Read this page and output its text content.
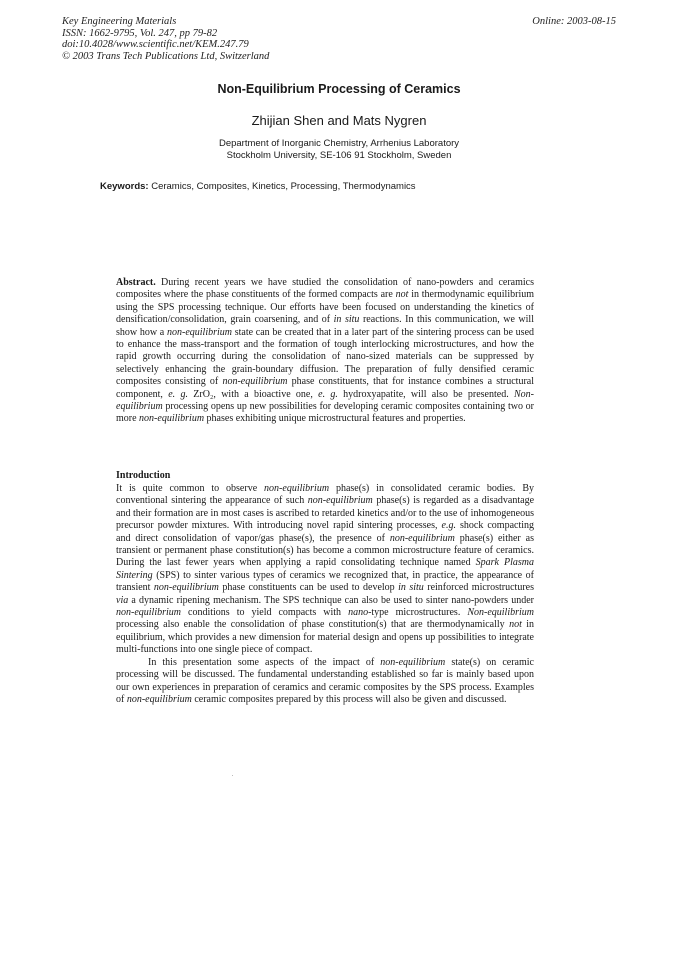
Key Engineering Materials
ISSN: 1662-9795, Vol. 247, pp 79-82
doi:10.4028/www.scientific.net/KEM.247.79
© 2003 Trans Tech Publications Ltd, Switzerland
Online: 2003-08-15
Non-Equilibrium Processing of Ceramics
Zhijian Shen and Mats Nygren
Department of Inorganic Chemistry, Arrhenius Laboratory
Stockholm University, SE-106 91 Stockholm, Sweden
Keywords: Ceramics, Composites, Kinetics, Processing, Thermodynamics
Abstract. During recent years we have studied the consolidation of nano-powders and ceramics composites where the phase constituents of the formed compacts are not in thermodynamic equilibrium using the SPS processing technique. Our efforts have been focused on understanding the kinetics of densification/consolidation, grain coarsening, and of in situ reactions. In this communication, we will show how a non-equilibrium state can be created that in a later part of the sintering process can be used to enhance the mass-transport and the formation of tough interlocking microstructures, and how the rapid growth occurring during the consolidation of nano-sized materials can be suppressed by selectively enhancing the grain-boundary diffusion. The preparation of fully densified ceramic composites consisting of non-equilibrium phase constituents, that for instance combines a structural component, e. g. ZrO₂, with a bioactive one, e. g. hydroxyapatite, will also be presented. Non-equilibrium processing opens up new possibilities for developing ceramic composites containing two or more non-equilibrium phases exhibiting unique microstructural features and properties.
Introduction

It is quite common to observe non-equilibrium phase(s) in consolidated ceramic bodies. By conventional sintering the appearance of such non-equilibrium phase(s) is regarded as a disadvantage and their formation are in most cases is ascribed to retarded kinetics and/or to the use of inhomogeneous precursor powder mixtures. With introducing novel rapid sintering processes, e.g. shock compacting and direct consolidation of vapor/gas phase(s), the presence of non-equilibrium phase(s) either as transient or permanent phase constitution(s) has become a common microstructure feature of ceramics. During the last fewer years when applying a rapid consolidating technique named Spark Plasma Sintering (SPS) to sinter various types of ceramics we recognized that, in practice, the appearance of transient non-equilibrium phase constituents can be used to develop in situ reinforced microstructures via a dynamic ripening mechanism. The SPS technique can also be used to sinter nano-powders under non-equilibrium conditions to yield compacts with nano-type microstructures. Non-equilibrium processing also enable the consolidation of phase constitution(s) that are thermodynamically not in equilibrium, which provides a new dimension for material design and opens up possibilities to integrate multi-functions into one single piece of compact.

In this presentation some aspects of the impact of non-equilibrium state(s) on ceramic processing will be discussed. The fundamental understanding established so far is mainly based upon our own experiences in preparation of ceramics and ceramic composites by the SPS process. Examples of non-equilibrium ceramic composites prepared by this process will also be given and discussed.
